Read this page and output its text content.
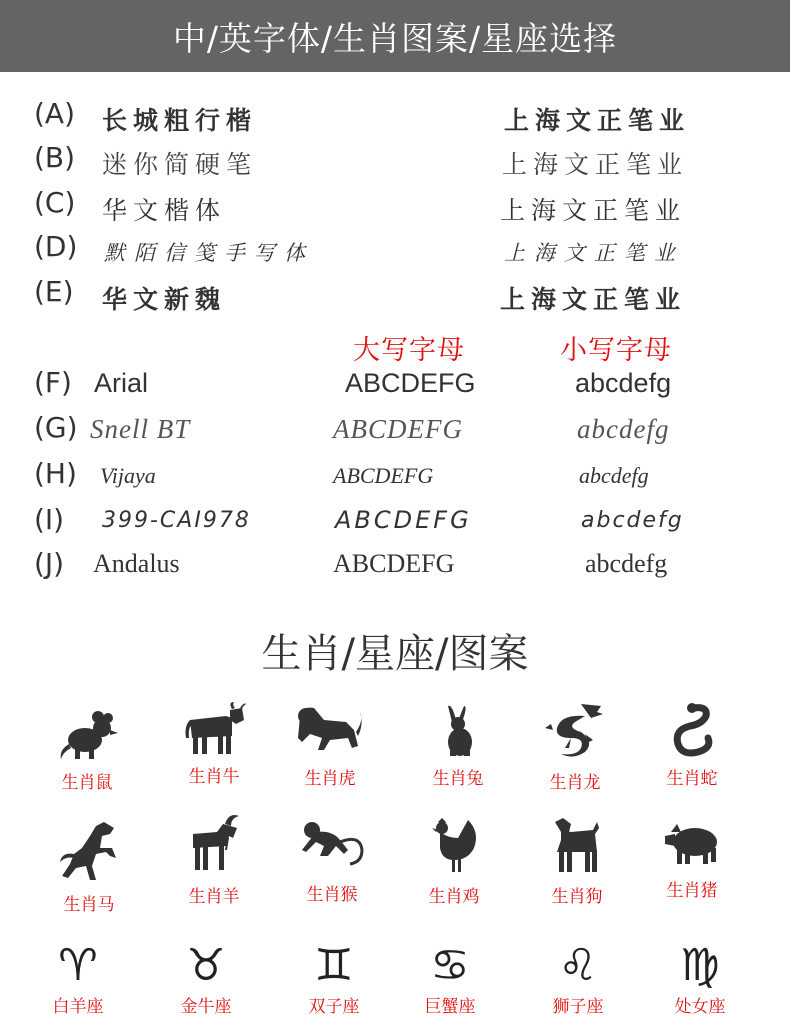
中/英字体/生肖图案/星座选择
(A) 长城粗行楷	上海文正笔业
(B) 迷你简硬笔	上海文正笔业
(C) 华文楷体	上海文正笔业
(D) 默陌信笺手写体	上海文正笔业
(E) 华文新魏	上海文正笔业
大写字母	小写字母
(F) Arial	ABCDEFG	abcdefg
(G) Snell BT	ABCDEFG	abcdefg
(H) Vijaya	ABCDEFG	abcdefg
(I) 399-CAI978	ABCDEFG	abcdefg
(J) Andalus	ABCDEFG	abcdefg
生肖/星座/图案
生肖鼠	生肖牛	生肖虎	生肖兔	生肖龙	生肖蛇
生肖马	生肖羊	生肖猴	生肖鸡	生肖狗	生肖猪
♈
白羊座
♉
金牛座
♊
双子座
♋
巨蟹座
♌
狮子座
♍
处女座
